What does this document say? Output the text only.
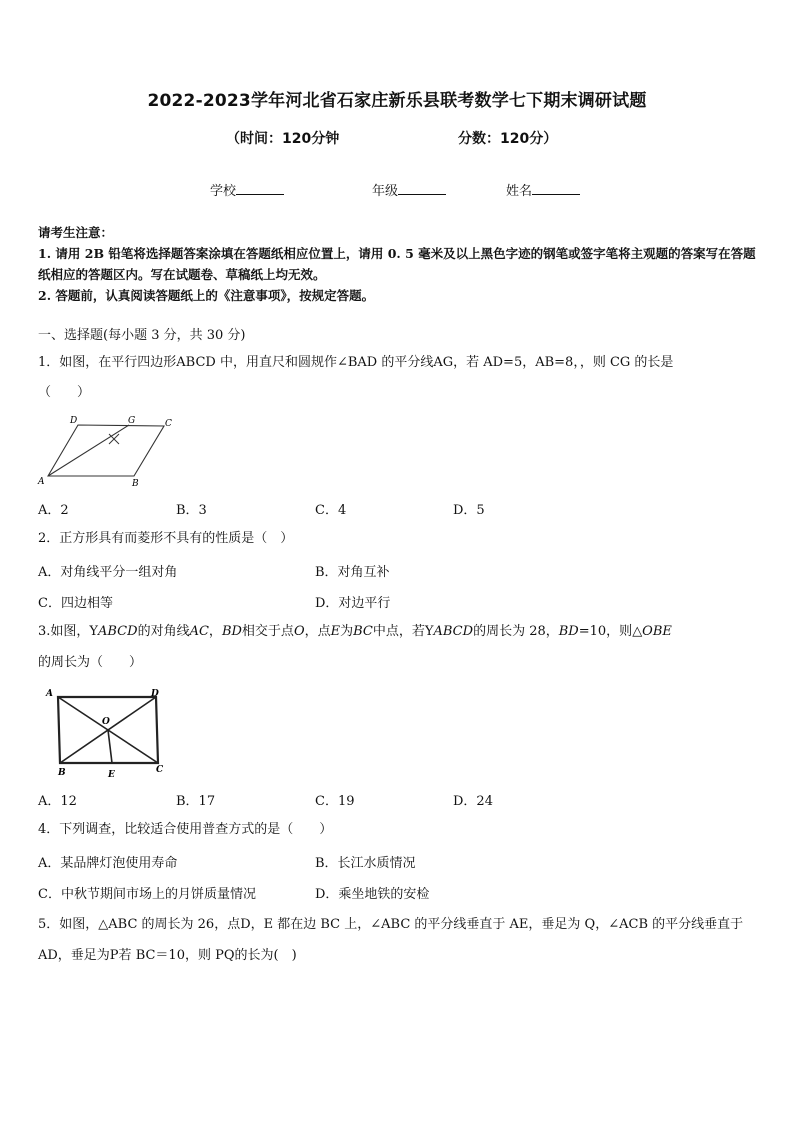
2022-2023学年河北省石家庄新乐县联考数学七下期末调研试题
（时间：120分钟	分数：120分）
学校	年级	姓名
请考生注意：
1. 请用 2B 铅笔将选择题答案涂填在答题纸相应位置上，请用 0. 5 毫米及以上黑色字迹的钢笔或签字笔将主观题的答案写在答题纸相应的答题区内。写在试题卷、草稿纸上均无效。
2. 答题前，认真阅读答题纸上的《注意事项》，按规定答题。
一、选择题(每小题 3 分，共 30 分)
1．如图，在平行四边形ABCD 中，用直尺和圆规作∠BAD 的平分线AG，若 AD=5，AB=8，，则 CG 的长是
（　　）
D	G	C
A	B
A．2	B．3	C．4	D．5
2．正方形具有而菱形不具有的性质是（　）
A．对角线平分一组对角	B．对角互补
C．四边相等	D．对边平行
3.如图，YABCD的对角线AC，BD相交于点O，点E为BC中点，若YABCD的周长为 28，BD=10，则△OBE
的周长为（　　）
A	D
O
B	E	C
A．12	B．17	C．19	D．24
4．下列调查，比较适合使用普查方式的是（　　）
A．某品牌灯泡使用寿命	B．长江水质情况
C．中秋节期间市场上的月饼质量情况	D．乘坐地铁的安检
5．如图，△ABC 的周长为 26，点D，E 都在边 BC 上，∠ABC 的平分线垂直于 AE，垂足为 Q，∠ACB 的平分线垂直于AD，垂足为P若 BC＝10，则 PQ的长为(　)
